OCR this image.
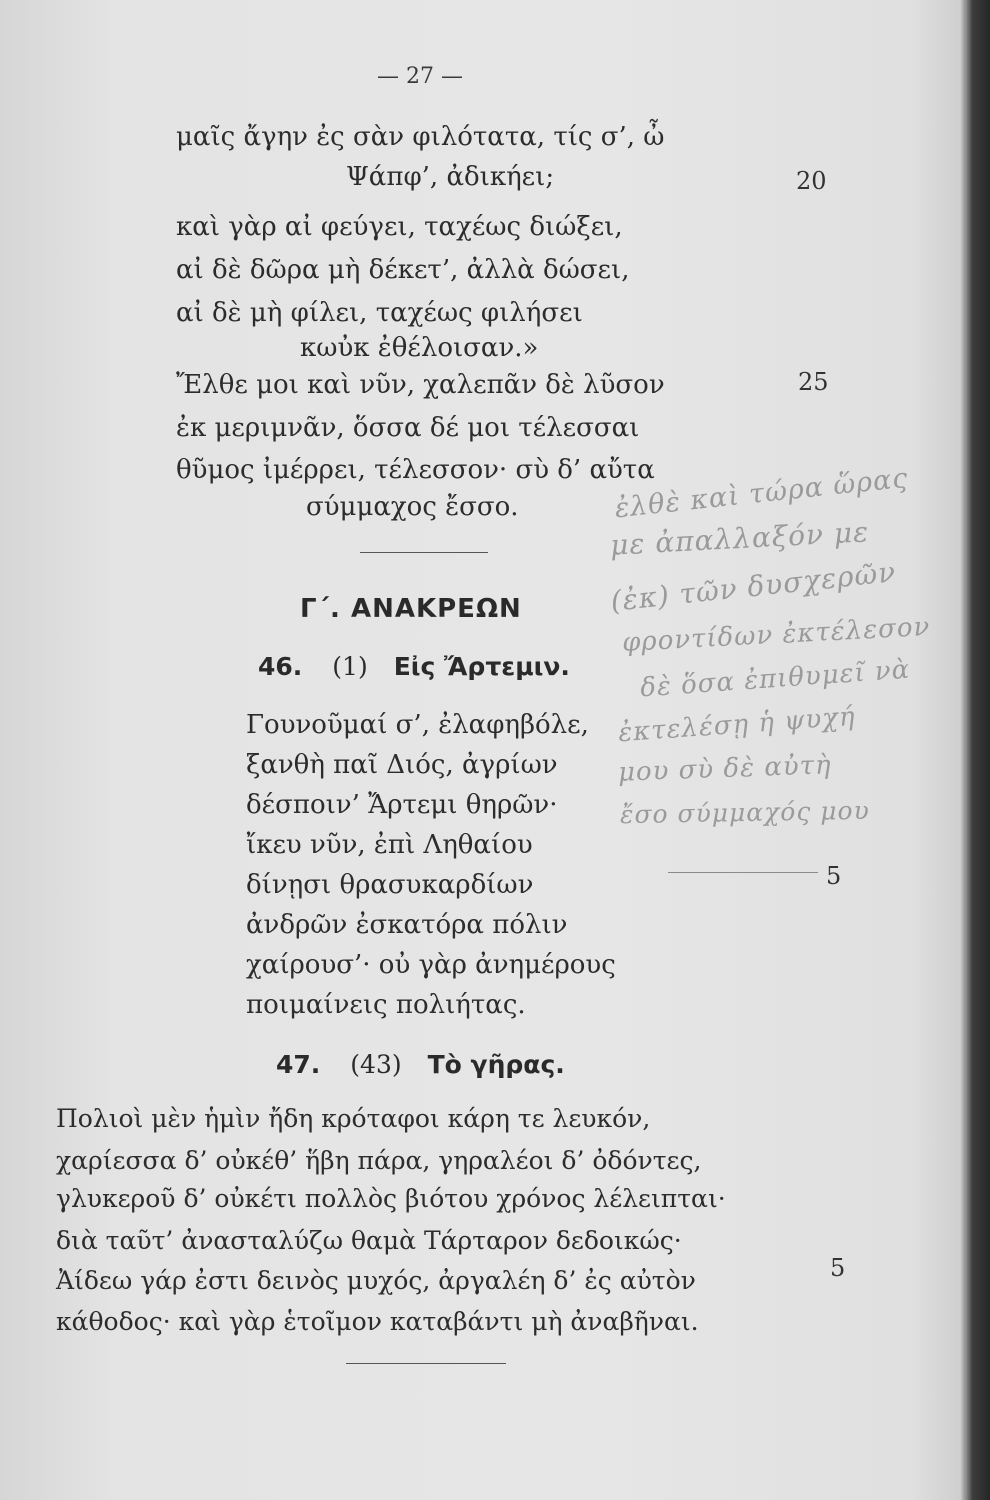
— 27 —
μαῖς ἄγην ἐς σὰν φιλότατα, τίς σ’, ὦ
Ψάπφ’, ἀδικήει;
καὶ γὰρ αἰ φεύγει, ταχέως διώξει,
αἰ δὲ δῶρα μὴ δέκετ’, ἀλλὰ δώσει,
αἰ δὲ μὴ φίλει, ταχέως φιλήσει
κωὐκ ἐθέλοισαν.»
Ἔλθε μοι καὶ νῦν, χαλεπᾶν δὲ λῦσον
ἐκ μεριμνᾶν, ὅσσα δέ μοι τέλεσσαι
θῦμος ἰμέρρει, τέλεσσον· σὺ δ’ αὔτα
σύμμαχος ἔσσο.
20
25
Γ΄. ΑΝΑΚΡΕΩΝ
46. (1) Εἰς Ἄρτεμιν.
Γουνοῦμαί σ’, ἐλαφηβόλε,
ξανθὴ παῖ Διός, ἀγρίων
δέσποιν’ Ἄρτεμι θηρῶν·
ἴκευ νῦν, ἐπὶ Ληθαίου
δίνῃσι θρασυκαρδίων
ἀνδρῶν ἐσκατόρα πόλιν
χαίρουσ’· οὐ γὰρ ἀνημέρους
ποιμαίνεις πολιήτας.
5
47. (43) Τὸ γῆρας.
Πολιοὶ μὲν ἡμὶν ἤδη κρόταφοι κάρη τε λευκόν,
χαρίεσσα δ’ οὐκέθ’ ἥβη πάρα, γηραλέοι δ’ ὀδόντες,
γλυκεροῦ δ’ οὐκέτι πολλὸς βιότου χρόνος λέλειπται·
διὰ ταῦτ’ ἀνασταλύζω θαμὰ Τάρταρον δεδοικώς·
Ἀίδεω γάρ ἐστι δεινὸς μυχός, ἀργαλέη δ’ ἐς αὐτὸν
κάθοδος· καὶ γὰρ ἑτοῖμον καταβάντι μὴ ἀναβῆναι.
5
ἐλθὲ καὶ τώρα ὥρας
με ἀπαλλαξόν με
(ἐκ) τῶν δυσχερῶν
φροντίδων ἐκτέλεσον
δὲ ὅσα ἐπιθυμεῖ νὰ
ἐκτελέσῃ ἡ ψυχή
μου σὺ δὲ αὐτὴ
ἔσο σύμμαχός μου
